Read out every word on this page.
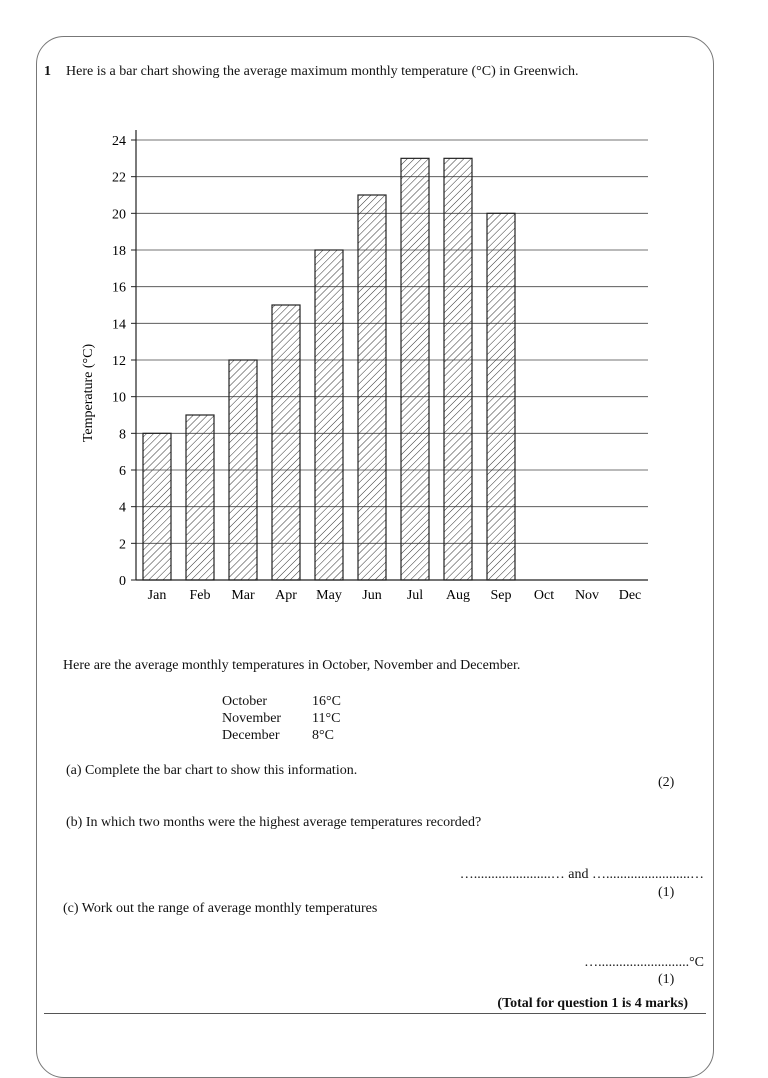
1 Here is a bar chart showing the average maximum monthly temperature (°C) in Greenwich.
0
2
4
6
8
10
12
14
16
18
20
22
24
Jan Feb Mar Apr May Jun Jul Aug Sep Oct Nov Dec
Temperature (°C)
Here are the average monthly temperatures in October, November and December.
October	16°C
November	11°C
December	8°C
(a) Complete the bar chart to show this information.
(2)
(b) In which two months were the highest average temperatures recorded?
…......................… and …........................…
(1)
(c) Work out the range of average monthly temperatures
…..........................°C
(1)
(Total for question 1 is 4 marks)
